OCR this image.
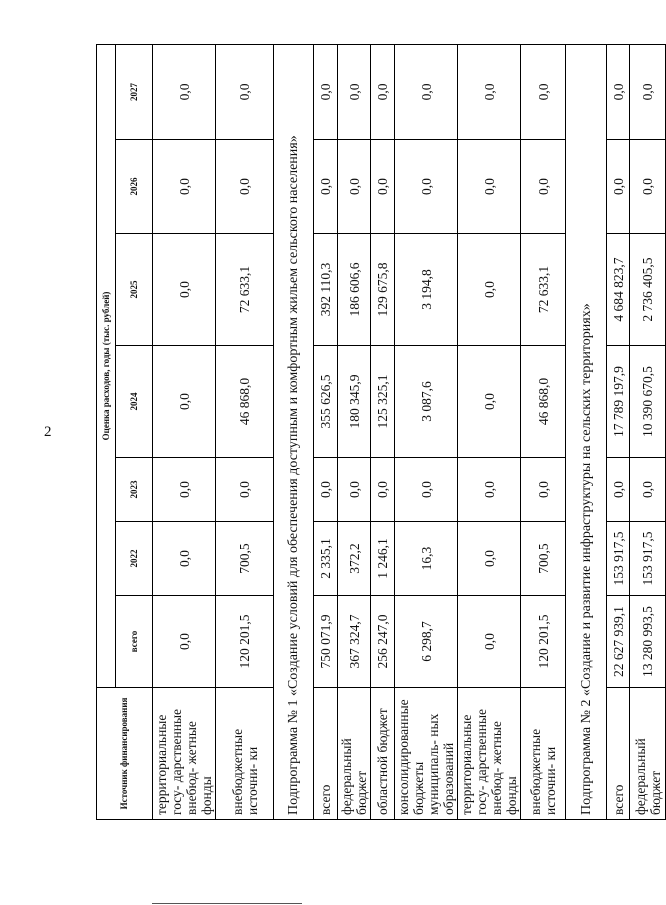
2
Источник финансирования	Оценка расходов, годы (тыс. рублей)						
	всего	2022	2023	2024	2025	2026	2027
территориальные госу- дарственные внебюд- жетные фонды	0,0	0,0	0,0	0,0	0,0	0,0	0,0
внебюджетные источни- ки	120 201,5	700,5	0,0	46 868,0	72 633,1	0,0	0,0
Подпрограмма № 1 «Создание условий для обеспечения доступным и комфортным жильем сельского населения»							
всего	750 071,9	2 335,1	0,0	355 626,5	392 110,3	0,0	0,0
федеральный бюджет	367 324,7	372,2	0,0	180 345,9	186 606,6	0,0	0,0
областной бюджет	256 247,0	1 246,1	0,0	125 325,1	129 675,8	0,0	0,0
консолидированные бюджеты муниципаль- ных образований	6 298,7	16,3	0,0	3 087,6	3 194,8	0,0	0,0
территориальные госу- дарственные внебюд- жетные фонды	0,0	0,0	0,0	0,0	0,0	0,0	0,0
внебюджетные источни- ки	120 201,5	700,5	0,0	46 868,0	72 633,1	0,0	0,0
Подпрограмма № 2 «Создание и развитие инфраструктуры на сельских территориях»							
всего	22 627 939,1	153 917,5	0,0	17 789 197,9	4 684 823,7	0,0	0,0
федеральный бюджет	13 280 993,5	153 917,5	0,0	10 390 670,5	2 736 405,5	0,0	0,0
